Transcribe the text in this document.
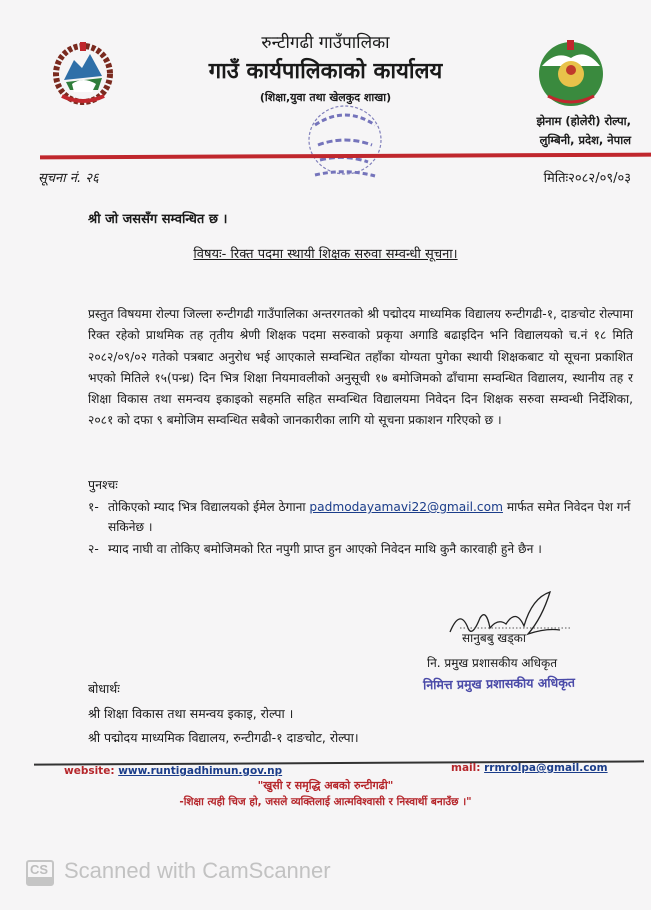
रुन्टीगढी गाउँपालिका
गाउँ कार्यपालिकाको कार्यालय
(शिक्षा,युवा तथा खेलकुद शाखा)
झेनाम (होलेरी) रोल्पा,
लुम्बिनी, प्रदेश, नेपाल
सूचना नं. २६	मितिः२०८२/०९/०३
श्री जो जससँग सम्वन्धित छ ।
विषयः- रिक्त पदमा स्थायी शिक्षक सरुवा सम्वन्धी सूचना।
प्रस्तुत विषयमा रोल्पा जिल्ला रुन्टीगढी गाउँपालिका अन्तरगतको श्री पद्मोदय माध्यमिक विद्यालय रुन्टीगढी-१, दाङचोट रोल्पामा रिक्त रहेको प्राथमिक तह तृतीय श्रेणी शिक्षक पदमा सरुवाको प्रकृया अगाडि बढाइदिन भनि विद्यालयको च.नं १८ मिति २०८२/०९/०२ गतेको पत्रबाट अनुरोध भई आएकाले सम्वन्धित तहाँका योग्यता पुगेका स्थायी शिक्षकबाट यो सूचना प्रकाशित भएको मितिले १५(पन्ध्र) दिन भित्र शिक्षा नियमावलीको अनुसूची १७ बमोजिमको ढाँचामा सम्वन्धित विद्यालय, स्थानीय तह र शिक्षा विकास तथा समन्वय इकाइको सहमति सहित सम्वन्धित विद्यालयमा निवेदन दिन शिक्षक सरुवा सम्वन्धी निर्देशिका, २०८१ को दफा ९ बमोजिम सम्वन्धित सबैको जानकारीका लागि यो सूचना प्रकाशन गरिएको छ ।
पुनश्चः
१- तोकिएको म्याद भित्र विद्यालयको ईमेल ठेगाना padmodayamavi22@gmail.com मार्फत समेत निवेदन पेश गर्न सकिनेछ ।
२- म्याद नाघी वा तोकिए बमोजिमको रित नपुगी प्राप्त हुन आएको निवेदन माथि कुनै कारवाही हुने छैन ।
सानुबबु खड्का
नि. प्रमुख प्रशासकीय अधिकृत
निमित्त प्रमुख प्रशासकीय अधिकृत
बोधार्थः
श्री शिक्षा विकास तथा समन्वय इकाइ, रोल्पा ।
श्री पद्मोदय माध्यमिक विद्यालय, रुन्टीगढी-१ दाङचोट, रोल्पा।
website: www.runtigadhimun.gov.np	mail: rrmrolpa@gmail.com
"खुसी र समृद्धि अबको रुन्टीगढी"
-शिक्षा त्यही चिज हो, जसले व्यक्तिलाई आत्मविश्वासी र निस्वार्थी बनाउँछ ।"
CS Scanned with CamScanner
